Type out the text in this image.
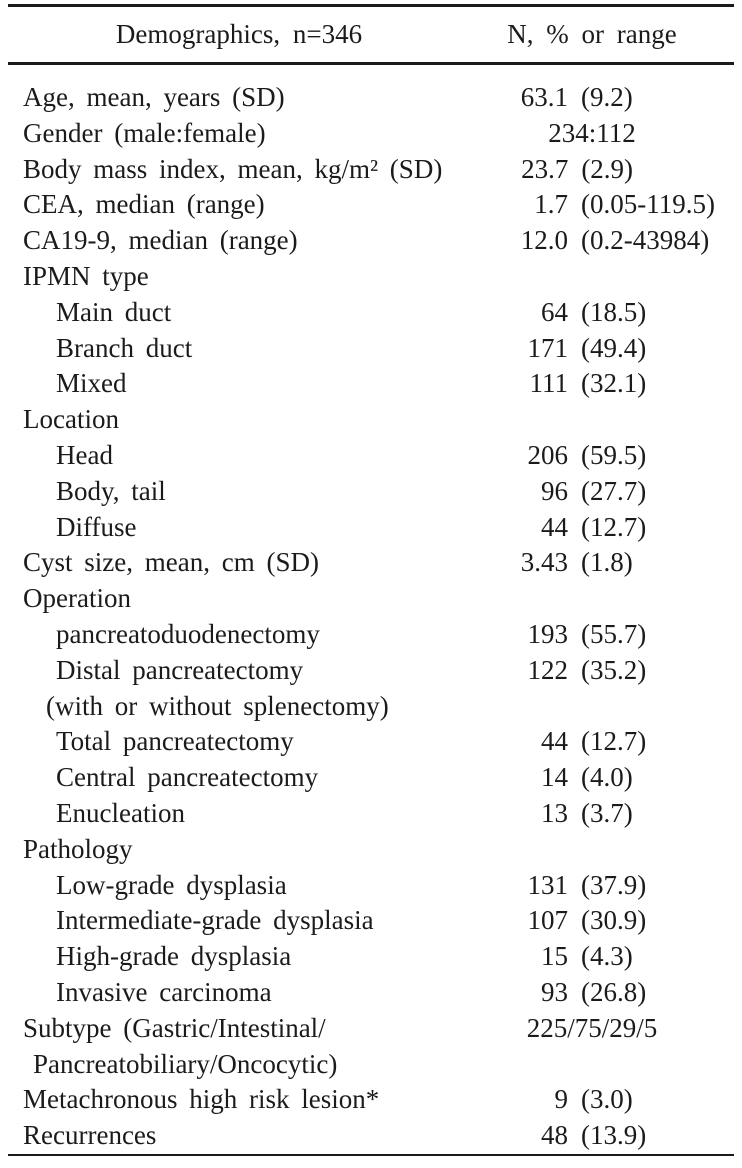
Demographics, n=346	N, % or range
Age, mean, years (SD)	63.1 (9.2)
Gender (male:female)	234:112
Body mass index, mean, kg/m² (SD)	23.7 (2.9)
CEA, median (range)	1.7 (0.05-119.5)
CA19-9, median (range)	12.0 (0.2-43984)
IPMN type
Main duct	64 (18.5)
Branch duct	171 (49.4)
Mixed	111 (32.1)
Location
Head	206 (59.5)
Body, tail	96 (27.7)
Diffuse	44 (12.7)
Cyst size, mean, cm (SD)	3.43 (1.8)
Operation
pancreatoduodenectomy	193 (55.7)
Distal pancreatectomy	122 (35.2)
(with or without splenectomy)
Total pancreatectomy	44 (12.7)
Central pancreatectomy	14 (4.0)
Enucleation	13 (3.7)
Pathology
Low-grade dysplasia	131 (37.9)
Intermediate-grade dysplasia	107 (30.9)
High-grade dysplasia	15 (4.3)
Invasive carcinoma	93 (26.8)
Subtype (Gastric/Intestinal/	225/75/29/5
Pancreatobiliary/Oncocytic)
Metachronous high risk lesion*	9 (3.0)
Recurrences	48 (13.9)
